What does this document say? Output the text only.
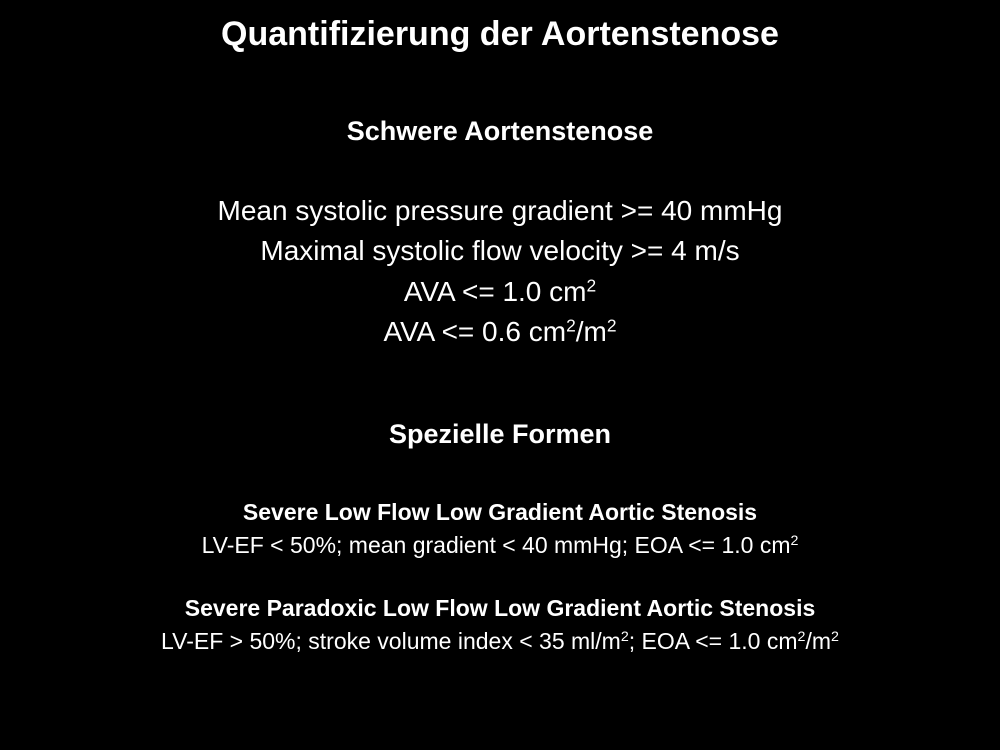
Quantifizierung der Aortenstenose
Schwere Aortenstenose
Mean systolic pressure gradient >= 40 mmHg
Maximal systolic flow velocity >= 4 m/s
AVA <= 1.0 $cm^2$
AVA <= 0.6 $cm^2/m^2$
Spezielle Formen
Severe Low Flow Low Gradient Aortic Stenosis
LV-EF < 50%; mean gradient < 40 mmHg; EOA <= 1.0 $cm^2$
Severe Paradoxic Low Flow Low Gradient Aortic Stenosis
LV-EF > 50%; stroke volume index < 35 $ml/m^2$; EOA <= 1.0 $cm^2/m^2$
